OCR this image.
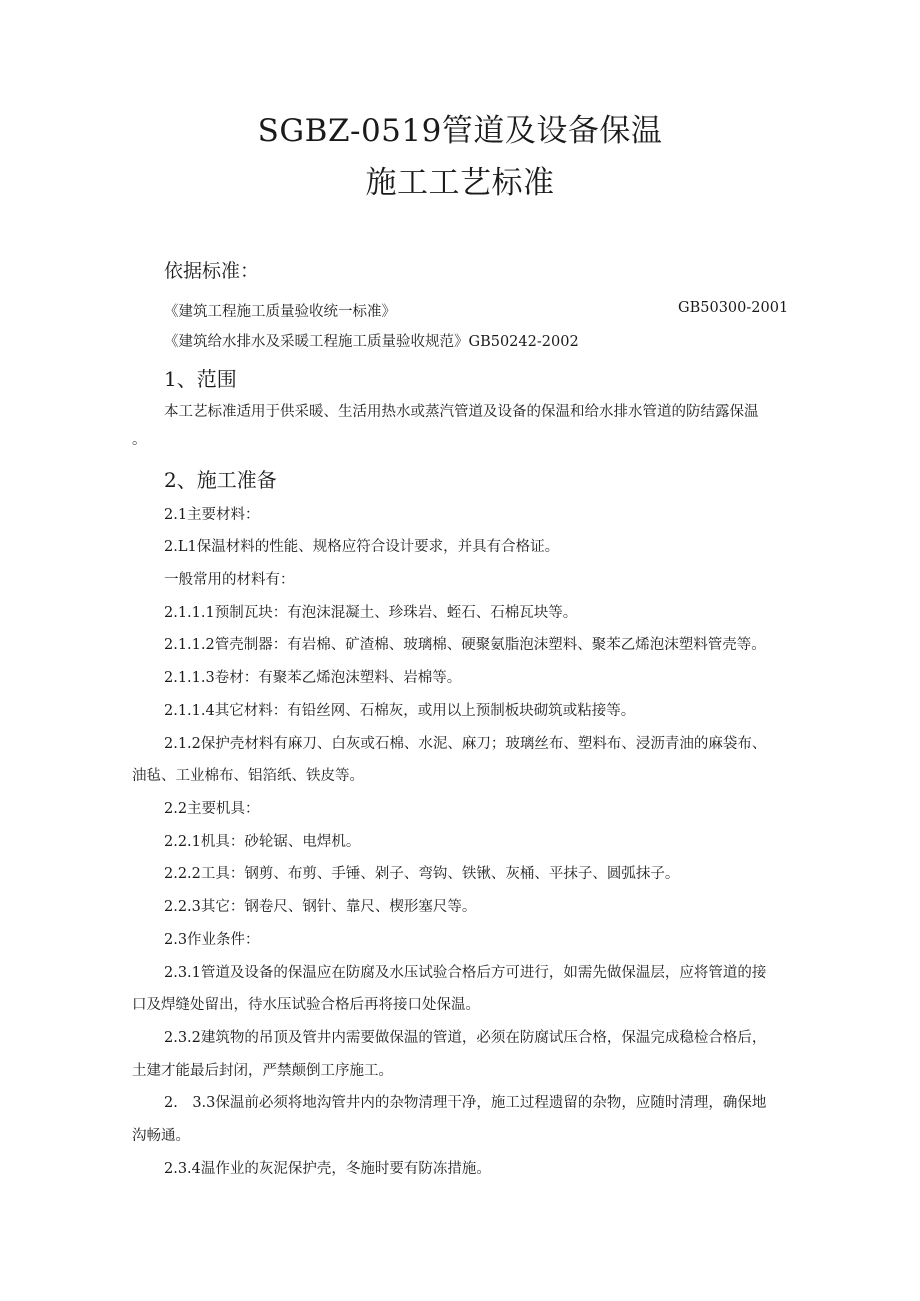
SGBZ-0519管道及设备保温
施工工艺标准
依据标准：
《建筑工程施工质量验收统一标准》	GB50300-2001
《建筑给水排水及采暖工程施工质量验收规范》GB50242-2002
1、范围
本工艺标准适用于供采暖、生活用热水或蒸汽管道及设备的保温和给水排水管道的防结露保温
。
2、施工准备
2.1主要材料：
2.L1保温材料的性能、规格应符合设计要求，并具有合格证。
一般常用的材料有：
2.1.1.1预制瓦块：有泡沫混凝土、珍珠岩、蛭石、石棉瓦块等。
2.1.1.2管壳制器：有岩棉、矿渣棉、玻璃棉、硬聚氨脂泡沫塑料、聚苯乙烯泡沫塑料管壳等。
2.1.1.3卷材：有聚苯乙烯泡沫塑料、岩棉等。
2.1.1.4其它材料：有铅丝网、石棉灰，或用以上预制板块砌筑或粘接等。
2.1.2保护壳材料有麻刀、白灰或石棉、水泥、麻刀；玻璃丝布、塑料布、浸沥青油的麻袋布、
油毡、工业棉布、铝箔纸、铁皮等。
2.2主要机具：
2.2.1机具：砂轮锯、电焊机。
2.2.2工具：钢剪、布剪、手锤、剁子、弯钩、铁锹、灰桶、平抹子、圆弧抹子。
2.2.3其它：钢卷尺、钢针、靠尺、楔形塞尺等。
2.3作业条件：
2.3.1管道及设备的保温应在防腐及水压试验合格后方可进行，如需先做保温层，应将管道的接
口及焊缝处留出，待水压试验合格后再将接口处保温。
2.3.2建筑物的吊顶及管井内需要做保温的管道，必须在防腐试压合格，保温完成稳检合格后，
土建才能最后封闭，严禁颠倒工序施工。
2.　3.3保温前必须将地沟管井内的杂物清理干净，施工过程遗留的杂物，应随时清理，确保地
沟畅通。
2.3.4温作业的灰泥保护壳，冬施时要有防冻措施。
